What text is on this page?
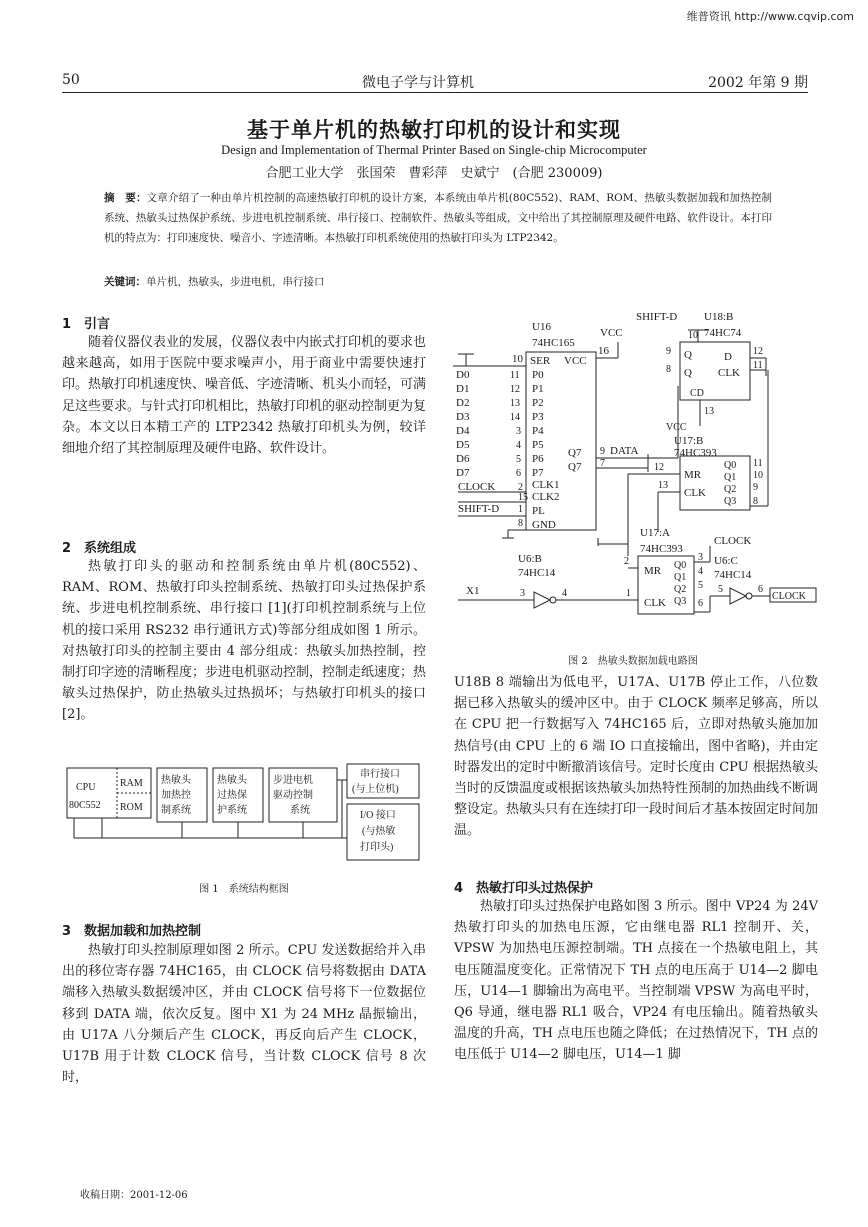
维普资讯 http://www.cqvip.com
50	微电子学与计算机	2002 年第 9 期
基于单片机的热敏打印机的设计和实现
Design and Implementation of Thermal Printer Based on Single-chip Microcomputer
合肥工业大学　张国荣　曹彩萍　史斌宁　(合肥 230009)
摘　要：文章介绍了一种由单片机控制的高速热敏打印机的设计方案，本系统由单片机(80C552)、RAM、ROM、热敏头数据加载和加热控制系统、热敏头过热保护系统、步进电机控制系统、串行接口、控制软件、热敏头等组成，文中给出了其控制原理及硬件电路、软件设计。本打印机的特点为：打印速度快、噪音小、字迹清晰。本热敏打印机系统使用的热敏打印头为 LTP2342。
关键词：单片机，热敏头，步进电机，串行接口
1　引言

随着仪器仪表业的发展，仪器仪表中内嵌式打印机的要求也越来越高，如用于医院中要求噪声小，用于商业中需要快速打印。热敏打印机速度快、噪音低、字迹清晰、机头小而轻，可满足这些要求。与针式打印机相比，热敏打印机的驱动控制更为复杂。本文以日本精工产的 LTP2342 热敏打印机头为例，较详细地介绍了其控制原理及硬件电路、软件设计。

2　系统组成

热敏打印头的驱动和控制系统由单片机(80C552)、RAM、ROM、热敏打印头控制系统、热敏打印头过热保护系统、步进电机控制系统、串行接口 [1](打印机控制系统与上位机的接口采用 RS232 串行通讯方式)等部分组成如图 1 所示。对热敏打印头的控制主要由 4 部分组成：热敏头加热控制，控制打印字迹的清晰程度；步进电机驱动控制，控制走纸速度；热敏头过热保护，防止热敏头过热损坏；与热敏打印机头的接口[2]。

CPU
80C552
RAM
ROM
热敏头
加热控
制系统
热敏头
过热保
护系统
步进电机
驱动控制
系统
串行接口
(与上位机)
I/O 接口
(与热敏
打印头)
图 1　系统结构框图
3　数据加载和加热控制

热敏打印头控制原理如图 2 所示。CPU 发送数据给并入串出的移位寄存器 74HC165，由 CLOCK 信号将数据由 DATA 端移入热敏头数据缓冲区，并由 CLOCK 信号将下一位数据位移到 DATA 端，依次反复。图中 X1 为 24 MHz 晶振输出，由 U17A 八分频后产生 CLOCK，再反向后产生 CLOCK，U17B 用于计数 CLOCK 信号，当计数 CLOCK 信号 8 次时，

收稿日期：2001-12-06
U16
74HC165
10 SER VCC
16
VCC
D0
D1
D2
D3
D4
D5
D6
D7
11
12
13
14
3
4
5
6
P0
P1
P2
P3
P4
P5
P6
P7
CLOCK 2 CLK1
15 CLK2
SHIFT-D 1 PL
8 GND
Q7
Q7
9
7
DATA
SHIFT-D U18:B
74HC74
10
9
8
Q
Q
D
CLK
12
11
CD
13
VCC
U17:B
74HC393
12
MR
Q0
Q1
Q2
Q3
11
10
9
8
13
CLK
U17:A
74HC393
CLOCK
2
MR Q0
Q1
Q2
Q3
3
4
5
6
1
CLK
U6:B
74HC14
U6:C
74HC14
X1	3	4	5	6
CLOCK
图 2　热敏头数据加载电路图

U18B 8 端输出为低电平，U17A、U17B 停止工作，八位数据已移入热敏头的缓冲区中。由于 CLOCK 频率足够高，所以在 CPU 把一行数据写入 74HC165 后，立即对热敏头施加加热信号(由 CPU 上的 6 端 IO 口直接输出，图中省略)，并由定时器发出的定时中断撤消该信号。定时长度由 CPU 根据热敏头当时的反馈温度或根据该热敏头加热特性预制的加热曲线不断调整设定。热敏头只有在连续打印一段时间后才基本按固定时间加温。

4　热敏打印头过热保护

热敏打印头过热保护电路如图 3 所示。图中 VP24 为 24V 热敏打印头的加热电压源，它由继电器 RL1 控制开、关，VPSW 为加热电压源控制端。TH 点接在一个热敏电阻上，其电压随温度变化。正常情况下 TH 点的电压高于 U14—2 脚电压，U14—1 脚输出为高电平。当控制端 VPSW 为高电平时，Q6 导通，继电器 RL1 吸合，VP24 有电压输出。随着热敏头温度的升高，TH 点电压也随之降低；在过热情况下，TH 点的电压低于 U14—2 脚电压，U14—1 脚
